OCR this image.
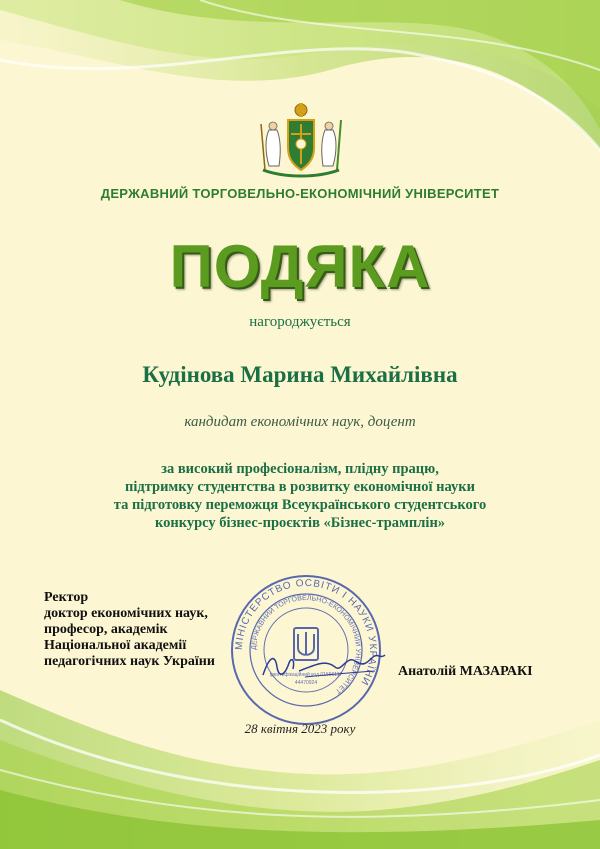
ДЕРЖАВНИЙ ТОРГОВЕЛЬНО-ЕКОНОМІЧНИЙ УНІВЕРСИТЕТ
ПОДЯКА
нагороджується
Кудінова Марина Михайлівна
кандидат економічних наук, доцент
за високий професіоналізм, плідну працю,
підтримку студентства в розвитку економічної науки
та підготовку переможця Всеукраїнського студентського
конкурсу бізнес-проєктів «Бізнес-трамплін»
Ректор
доктор економічних наук,
професор, академік
Національної академії
педагогічних наук України
МІНІСТЕРСТВО ОСВІТИ І НАУКИ УКРАЇНИ
ДЕРЖАВНИЙ ТОРГОВЕЛЬНО-ЕКОНОМІЧНИЙ УНІВЕРСИТЕТ
ідентифікаційний код 01566117
44470924
Анатолій МАЗАРАКІ
28 квітня 2023 року
